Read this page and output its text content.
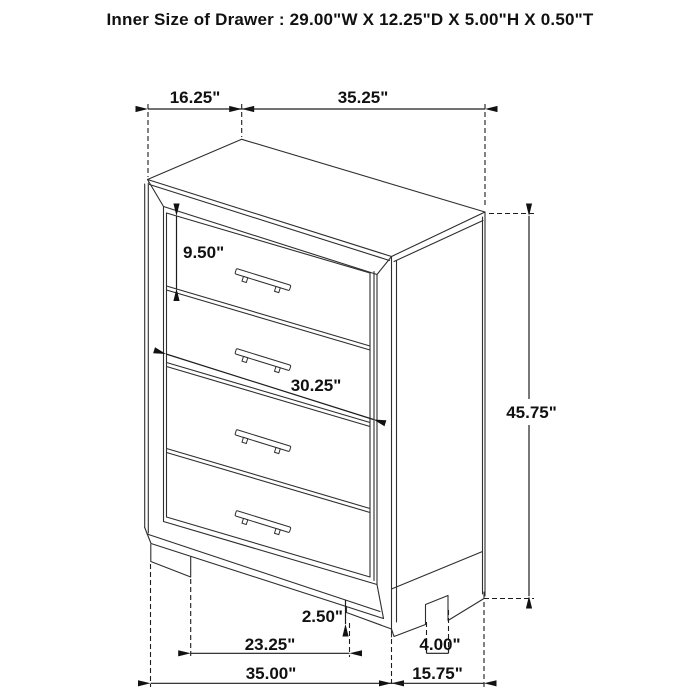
Inner Size of Drawer : 29.00"W X 12.25"D X 5.00"H X 0.50"T
16.25"	35.25"
9.50"
30.25"
45.75"
2.50"
23.25"
35.00"
4.00"
15.75"
